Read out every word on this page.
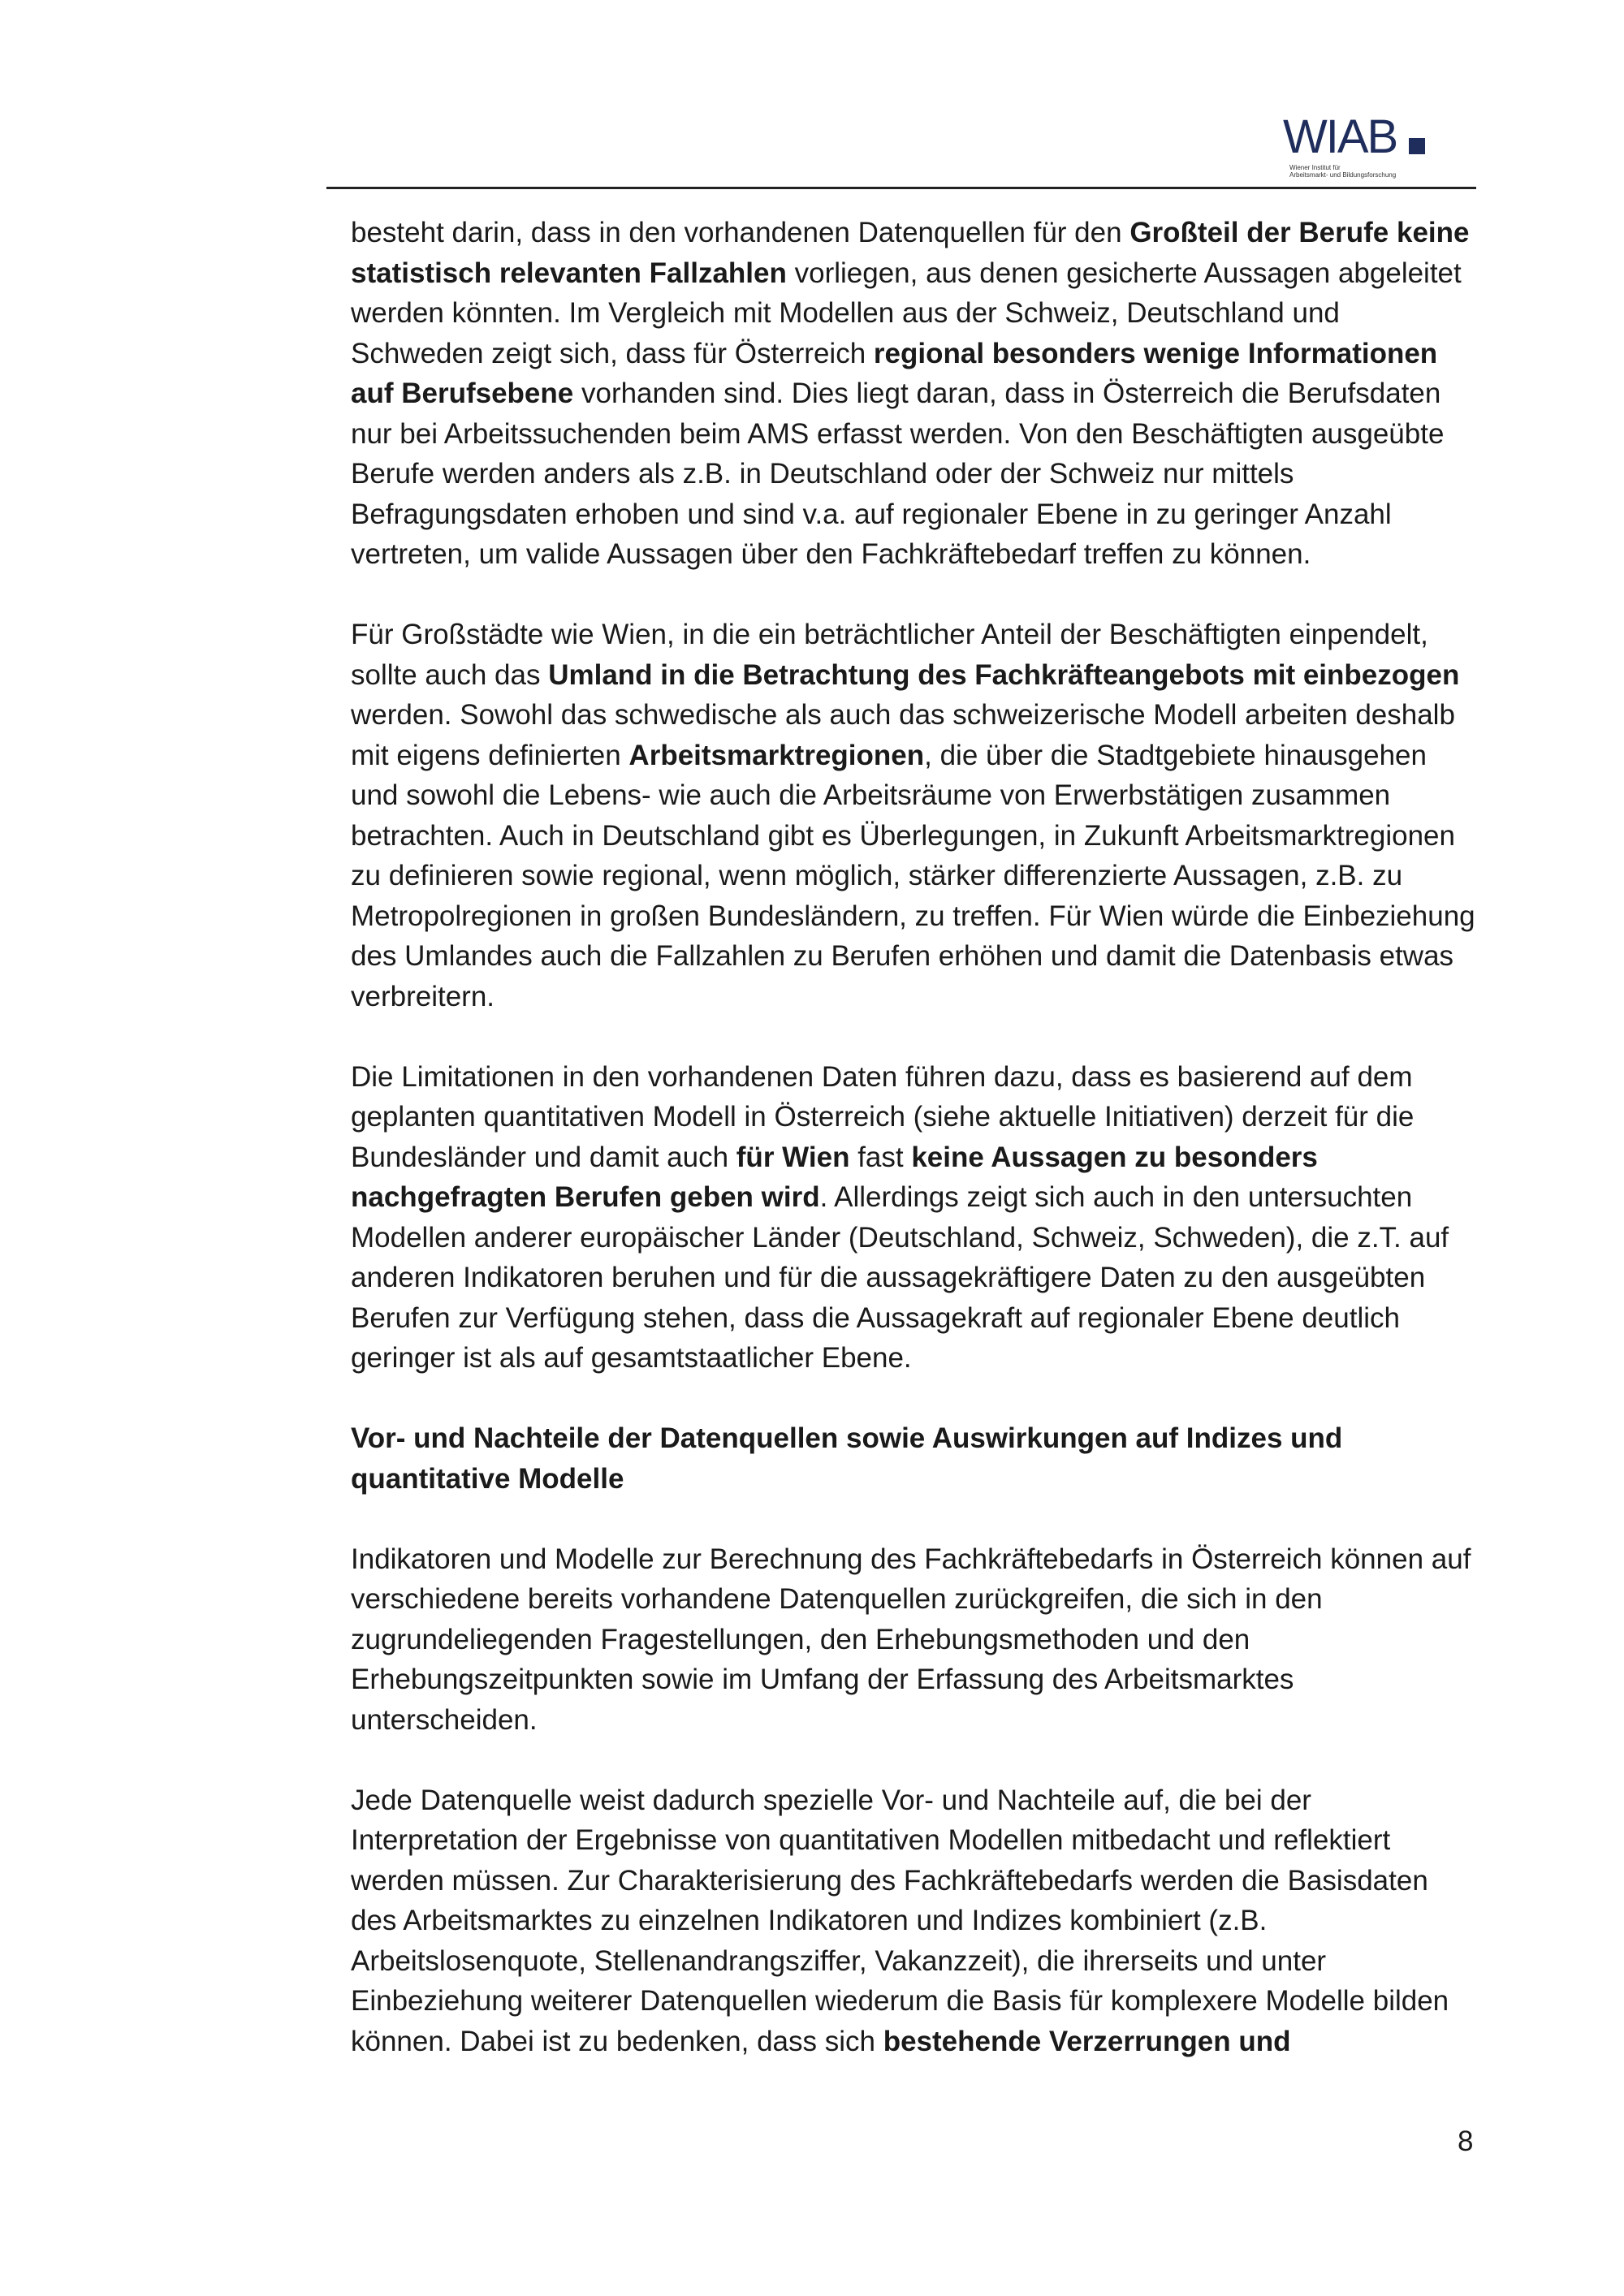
WIAB
Wiener Institut für
Arbeitsmarkt- und Bildungsforschung

besteht darin, dass in den vorhandenen Datenquellen für den Großteil der Berufe keine statistisch relevanten Fallzahlen vorliegen, aus denen gesicherte Aussagen abgeleitet werden könnten. Im Vergleich mit Modellen aus der Schweiz, Deutschland und Schweden zeigt sich, dass für Österreich regional besonders wenige Informationen auf Berufsebene vorhanden sind. Dies liegt daran, dass in Österreich die Berufsdaten nur bei Arbeitssuchenden beim AMS erfasst werden. Von den Beschäftigten ausgeübte Berufe werden anders als z.B. in Deutschland oder der Schweiz nur mittels Befragungsdaten erhoben und sind v.a. auf regionaler Ebene in zu geringer Anzahl vertreten, um valide Aussagen über den Fachkräftebedarf treffen zu können.

Für Großstädte wie Wien, in die ein beträchtlicher Anteil der Beschäftigten einpendelt, sollte auch das Umland in die Betrachtung des Fachkräfteangebots mit einbezogen werden. Sowohl das schwedische als auch das schweizerische Modell arbeiten deshalb mit eigens definierten Arbeitsmarktregionen, die über die Stadtgebiete hinausgehen und sowohl die Lebens- wie auch die Arbeitsräume von Erwerbstätigen zusammen betrachten. Auch in Deutschland gibt es Überlegungen, in Zukunft Arbeitsmarktregionen zu definieren sowie regional, wenn möglich, stärker differenzierte Aussagen, z.B. zu Metropolregionen in großen Bundesländern, zu treffen. Für Wien würde die Einbeziehung des Umlandes auch die Fallzahlen zu Berufen erhöhen und damit die Datenbasis etwas verbreitern.

Die Limitationen in den vorhandenen Daten führen dazu, dass es basierend auf dem geplanten quantitativen Modell in Österreich (siehe aktuelle Initiativen) derzeit für die Bundesländer und damit auch für Wien fast keine Aussagen zu besonders nachgefragten Berufen geben wird. Allerdings zeigt sich auch in den untersuchten Modellen anderer europäischer Länder (Deutschland, Schweiz, Schweden), die z.T. auf anderen Indikatoren beruhen und für die aussagekräftigere Daten zu den ausgeübten Berufen zur Verfügung stehen, dass die Aussagekraft auf regionaler Ebene deutlich geringer ist als auf gesamtstaatlicher Ebene.

Vor- und Nachteile der Datenquellen sowie Auswirkungen auf Indizes und quantitative Modelle

Indikatoren und Modelle zur Berechnung des Fachkräftebedarfs in Österreich können auf verschiedene bereits vorhandene Datenquellen zurückgreifen, die sich in den zugrundeliegenden Fragestellungen, den Erhebungsmethoden und den Erhebungszeitpunkten sowie im Umfang der Erfassung des Arbeitsmarktes unterscheiden.

Jede Datenquelle weist dadurch spezielle Vor- und Nachteile auf, die bei der Interpretation der Ergebnisse von quantitativen Modellen mitbedacht und reflektiert werden müssen. Zur Charakterisierung des Fachkräftebedarfs werden die Basisdaten des Arbeitsmarktes zu einzelnen Indikatoren und Indizes kombiniert (z.B. Arbeitslosenquote, Stellenandrangsziffer, Vakanzzeit), die ihrerseits und unter Einbeziehung weiterer Datenquellen wiederum die Basis für komplexere Modelle bilden können. Dabei ist zu bedenken, dass sich bestehende Verzerrungen und

8
